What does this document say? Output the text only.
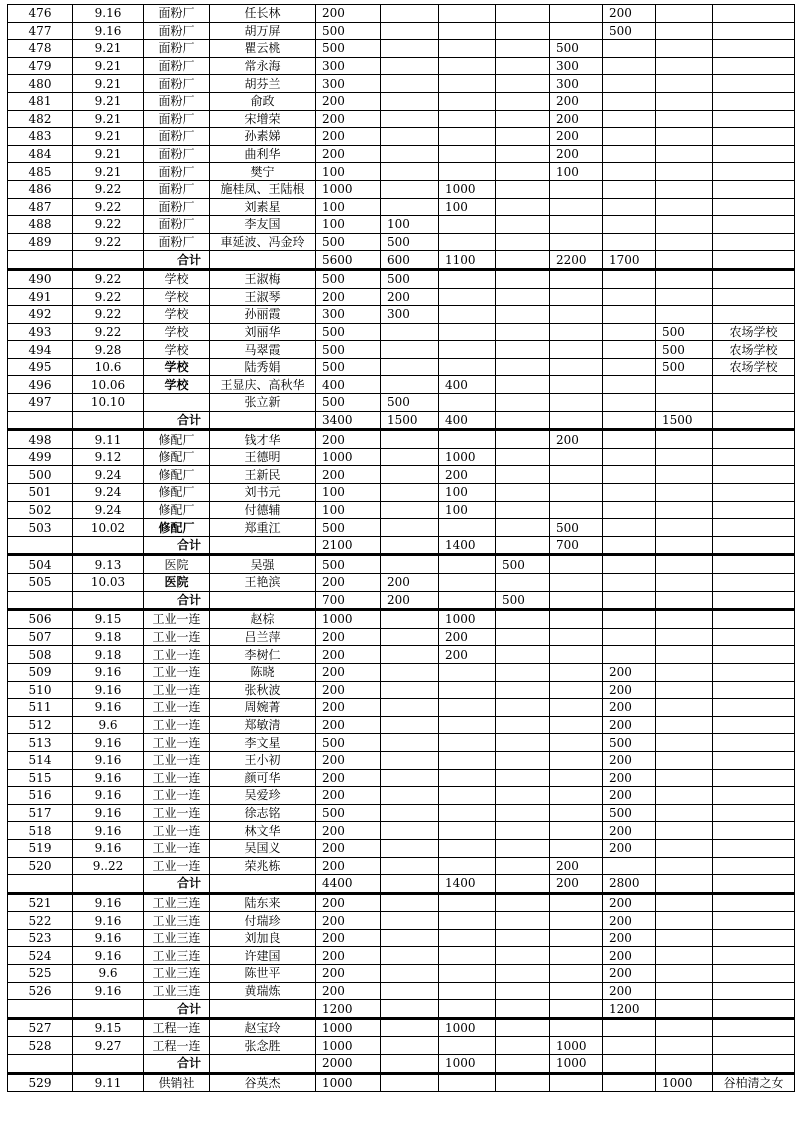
476	9.16	面粉厂	任长林	200					200		
477	9.16	面粉厂	胡万屏	500					500		
478	9.21	面粉厂	瞿云桃	500				500			
479	9.21	面粉厂	常永海	300				300			
480	9.21	面粉厂	胡芬兰	300				300			
481	9.21	面粉厂	俞政	200				200			
482	9.21	面粉厂	宋增荣	200				200			
483	9.21	面粉厂	孙素娣	200				200			
484	9.21	面粉厂	曲利华	200				200			
485	9.21	面粉厂	樊宁	100				100			
486	9.22	面粉厂	施桂凤、王陆根	1000		1000					
487	9.22	面粉厂	刘素星	100		100					
488	9.22	面粉厂	李友国	100	100						
489	9.22	面粉厂	車延波、冯金玲	500	500						
		合计		5600	600	1100		2200	1700		
490	9.22	学校	王淑梅	500	500						
491	9.22	学校	王淑琴	200	200						
492	9.22	学校	孙丽霞	300	300						
493	9.22	学校	刘丽华	500						500	农场学校
494	9.28	学校	马翠霞	500						500	农场学校
495	10.6	学校	陆秀娟	500						500	农场学校
496	10.06	学校	王显庆、高秋华	400		400					
497	10.10		张立新	500	500						
		合计		3400	1500	400				1500	
498	9.11	修配厂	钱才华	200				200			
499	9.12	修配厂	王德明	1000		1000					
500	9.24	修配厂	王新民	200		200					
501	9.24	修配厂	刘书元	100		100					
502	9.24	修配厂	付德辅	100		100					
503	10.02	修配厂	郑重江	500				500			
		合计		2100		1400		700			
504	9.13	医院	吴强	500			500				
505	10.03	医院	王艳滨	200	200						
		合计		700	200		500				
506	9.15	工业一连	赵棕	1000		1000					
507	9.18	工业一连	吕兰萍	200		200					
508	9.18	工业一连	李树仁	200		200					
509	9.16	工业一连	陈晓	200					200		
510	9.16	工业一连	张秋波	200					200		
511	9.16	工业一连	周婉菁	200					200		
512	9.6	工业一连	郑敏清	200					200		
513	9.16	工业一连	李文星	500					500		
514	9.16	工业一连	王小初	200					200		
515	9.16	工业一连	颜可华	200					200		
516	9.16	工业一连	吴爱珍	200					200		
517	9.16	工业一连	徐志铭	500					500		
518	9.16	工业一连	林文华	200					200		
519	9.16	工业一连	吴国义	200					200		
520	9..22	工业一连	荣兆栋	200				200			
		合计		4400		1400		200	2800		
521	9.16	工业三连	陆东来	200					200		
522	9.16	工业三连	付瑞珍	200					200		
523	9.16	工业三连	刘加良	200					200		
524	9.16	工业三连	许建国	200					200		
525	9.6	工业三连	陈世平	200					200		
526	9.16	工业三连	黄瑞炼	200					200		
		合计		1200					1200		
527	9.15	工程一连	赵宝玲	1000		1000					
528	9.27	工程一连	张念胜	1000				1000			
		合计		2000		1000		1000			
529	9.11	供销社	谷英杰	1000						1000	谷柏清之女
